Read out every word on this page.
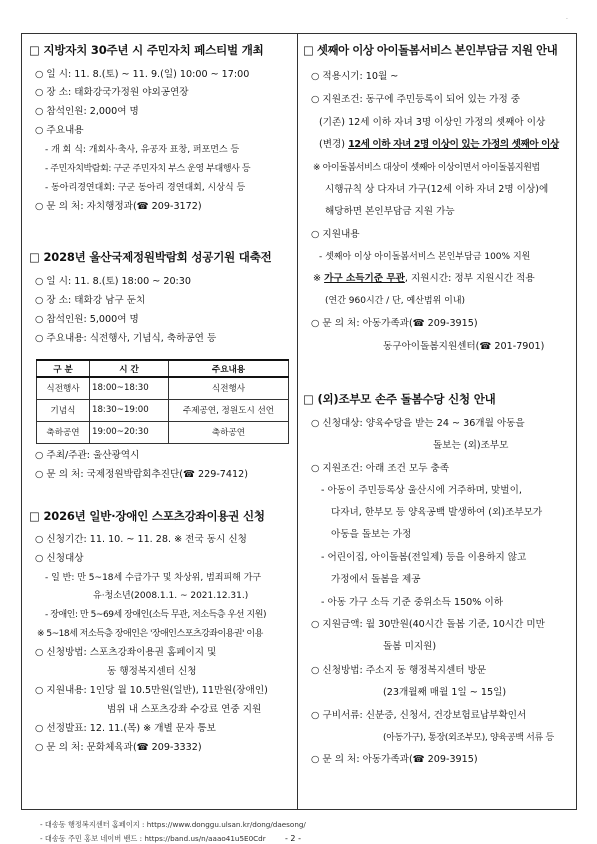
.
□ 지방자치 30주년 시 주민자치 페스티벌 개최
○ 일 시: 11. 8.(토) ~ 11. 9.(일) 10:00 ~ 17:00
○ 장 소: 태화강국가정원 야외공연장
○ 참석인원: 2,000여 명
○ 주요내용
- 개 회 식: 개회사·축사, 유공자 표창, 퍼포먼스 등
- 주민자치박람회: 구군 주민자치 부스 운영 부대행사 등
- 동아리경연대회: 구군 동아리 경연대회, 시상식 등
○ 문 의 처: 자치행정과(☎ 209-3172)
□ 2028년 울산국제정원박람회 성공기원 대축전
○ 일 시: 11. 8.(토) 18:00 ~ 20:30
○ 장 소: 태화강 남구 둔치
○ 참석인원: 5,000여 명
○ 주요내용: 식전행사, 기념식, 축하공연 등
구 분	시 간	주요내용
식전행사	18:00~18:30	식전행사
기념식	18:30~19:00	주제공연, 정원도시 선언
축하공연	19:00~20:30	축하공연
○ 주최/주관: 울산광역시
○ 문 의 처: 국제정원박람회추진단(☎ 229-7412)
□ 2026년 일반·장애인 스포츠강좌이용권 신청
○ 신청기간: 11. 10. ~ 11. 28. ※ 전국 동시 신청
○ 신청대상
- 일 반: 만 5~18세 수급가구 및 차상위, 범죄피해 가구
유·청소년(2008.1.1. ~ 2021.12.31.)
- 장애인: 만 5~69세 장애인(소득 무관, 저소득층 우선 지원)
※ 5~18세 저소득층 장애인은 '장애인스포츠강좌이용권' 이용
○ 신청방법: 스포츠강좌이용권 홈페이지 및
동 행정복지센터 신청
○ 지원내용: 1인당 월 10.5만원(일반), 11만원(장애인)
범위 내 스포츠강좌 수강료 연중 지원
○ 선정발표: 12. 11.(목) ※ 개별 문자 통보
○ 문 의 처: 문화체육과(☎ 209-3332)
□ 셋째아 이상 아이돌봄서비스 본인부담금 지원 안내
○ 적용시기: 10월 ~
○ 지원조건: 동구에 주민등록이 되어 있는 가정 중
(기존) 12세 이하 자녀 3명 이상인 가정의 셋째아 이상
(변경) 12세 이하 자녀 2명 이상이 있는 가정의 셋째아 이상
※ 아이돌봄서비스 대상이 셋째아 이상이면서 아이돌봄지원법
시행규칙 상 다자녀 가구(12세 이하 자녀 2명 이상)에
해당하면 본인부담금 지원 가능
○ 지원내용
- 셋째아 이상 아이돌봄서비스 본인부담금 100% 지원
※ 가구 소득기준 무관, 지원시간: 정부 지원시간 적용
(연간 960시간 / 단, 예산범위 이내)
○ 문 의 처: 아동가족과(☎ 209-3915)
동구아이돌봄지원센터(☎ 201-7901)
□ (외)조부모 손주 돌봄수당 신청 안내
○ 신청대상: 양육수당을 받는 24 ~ 36개월 아동을
돌보는 (외)조부모
○ 지원조건: 아래 조건 모두 충족
- 아동이 주민등록상 울산시에 거주하며, 맞벌이,
다자녀, 한부모 등 양육공백 발생하여 (외)조부모가
아동을 돌보는 가정
- 어린이집, 아이돌봄(전일제) 등을 이용하지 않고
가정에서 돌봄을 제공
- 아동 가구 소득 기준 중위소득 150% 이하
○ 지원금액: 월 30만원(40시간 돌봄 기준, 10시간 미만
돌봄 미지원)
○ 신청방법: 주소지 동 행정복지센터 방문
(23개월째 매월 1일 ~ 15일)
○ 구비서류: 신분증, 신청서, 건강보험료납부확인서
(아동가구), 통장(외조부모), 양육공백 서류 등
○ 문 의 처: 아동가족과(☎ 209-3915)
- 대송동 행정복지센터 홈페이지 : https://www.donggu.ulsan.kr/dong/daesong/
- 대송동 주민 홍보 네이버 밴드 : https://band.us/n/aaao41u5E0Cdr - 2 -
